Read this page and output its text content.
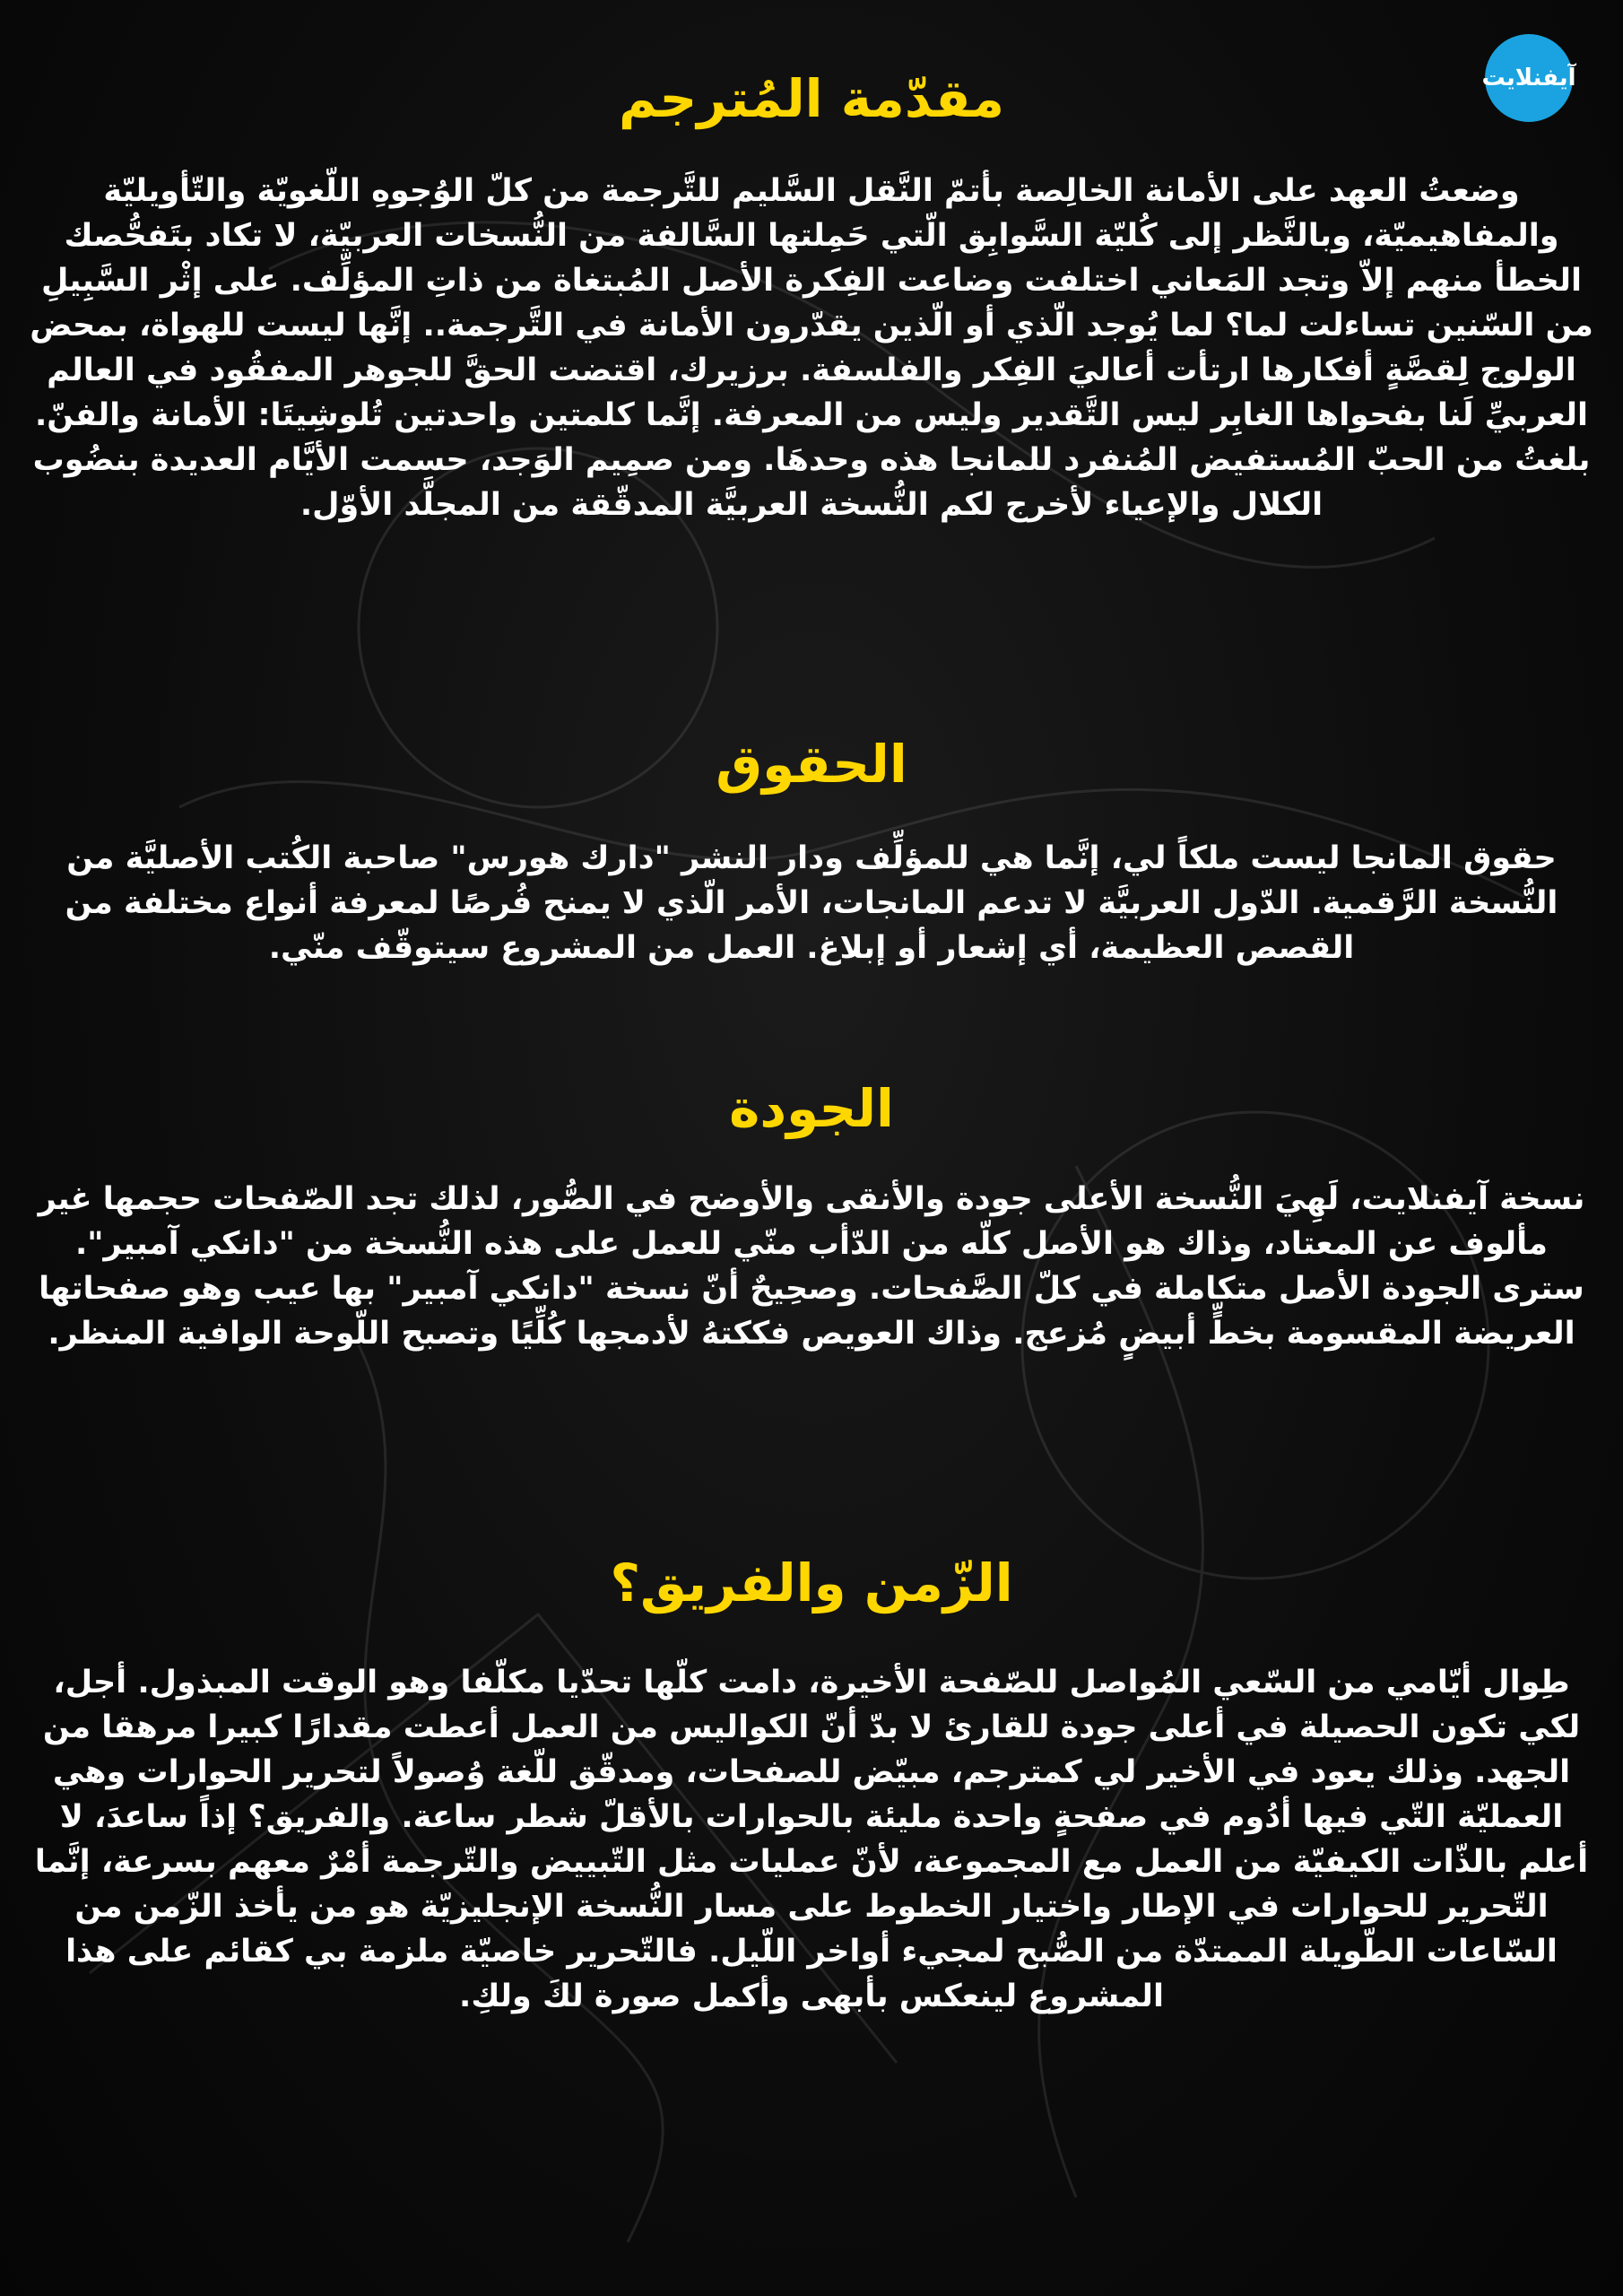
آيفنلايت
مقدّمة المُترجم

وضعتُ العهد على الأمانة الخالِصة بأتمّ النَّقل السَّليم للتَّرجمة من كلّ الوُجوهِ اللّغويّة والتّأويليّة والمفاهيميّة، وبالنَّظر إلى كُليّة السَّوابِق الّتي حَمِلتها السَّالفة من النُّسخات العربيّة، لا تكاد بتَفحُّصك الخطأ منهم إلاّ وتجد المَعاني اختلفت وضاعت الفِكرة الأصل المُبتغاة من ذاتِ المؤلِّف. على إثْر السَّبِيلِ من السّنين تساءلت لما؟ لما يُوجد الّذي أو الّذين يقدّرون الأمانة في التَّرجمة.. إنَّها ليست للهواة، بمحض الولوج لِقصَّةٍ أفكارها ارتأت أعاليَ الفِكر والفلسفة. برزيرك، اقتضت الحقَّ للجوهر المفقُود في العالم العربيِّ لَنا بفحواها الغابِر ليس التَّقدير وليس من المعرفة. إنَّما كلمتين واحدتين تُلوشِيتَا: الأمانة والفنّ. بلغتُ من الحبّ المُستفيض المُنفرد للمانجا هذه وحدهَا. ومن صمِيم الوَجد، حسمت الأيَّام العديدة بنضُوب الكلال والإعياء لأخرج لكم النُّسخة العربيَّة المدقّقة من المجلَّد الأوّل.

الحقوق

حقوق المانجا ليست ملكاً لي، إنَّما هي للمؤلِّف ودار النشر "دارك هورس" صاحبة الكُتب الأصليَّة من النُّسخة الرَّقمية. الدّول العربيَّة لا تدعم المانجات، الأمر الّذي لا يمنح فُرصًا لمعرفة أنواع مختلفة من القصص العظيمة، أي إشعار أو إبلاغ. العمل من المشروع سيتوقّف منّي.

الجودة

نسخة آيفنلايت، لَهِيَ النُّسخة الأعلى جودة والأنقى والأوضح في الصُّور، لذلك تجد الصّفحات حجمها غير مألوف عن المعتاد، وذاك هو الأصل كلّه من الدّأب منّي للعمل على هذه النُّسخة من "دانكي آمبير". سترى الجودة الأصل متكاملة في كلّ الصَّفحات. وصحِيحٌ أنّ نسخة "دانكي آمبير" بها عيب وهو صفحاتها العريضة المقسومة بخطٍّ أبيضٍ مُزعج. وذاك العويص فككتهُ لأدمجها كُلِّيًا وتصبح اللّوحة الوافية المنظر.

الزّمن والفريق؟

طِوال أيّامي من السّعي المُواصل للصّفحة الأخيرة، دامت كلّها تحدّيا مكلّفا وهو الوقت المبذول. أجل، لكي تكون الحصيلة في أعلى جودة للقارئ لا بدّ أنّ الكواليس من العمل أعطت مقدارًا كبيرا مرهقا من الجهد. وذلك يعود في الأخير لي كمترجم، مبيّض للصفحات، ومدقّق للّغة وُصولاً لتحرير الحوارات وهي العمليّة التّي فيها أدُوم في صفحةٍ واحدة مليئة بالحوارات بالأقلّ شطر ساعة. والفريق؟ إذاً ساعدَ، لا أعلم بالذّات الكيفيّة من العمل مع المجموعة، لأنّ عمليات مثل التّبييض والتّرجمة أمْرٌ معهم بسرعة، إنَّما التّحرير للحوارات في الإطار واختيار الخطوط على مسار النُّسخة الإنجليزيّة هو من يأخذ الزّمن من السّاعات الطّويلة الممتدّة من الصُّبح لمجيء أواخر اللّيل. فالتّحرير خاصيّة ملزمة بي كقائم على هذا المشروع لينعكس بأبهى وأكمل صورة لكَ ولكِ.
